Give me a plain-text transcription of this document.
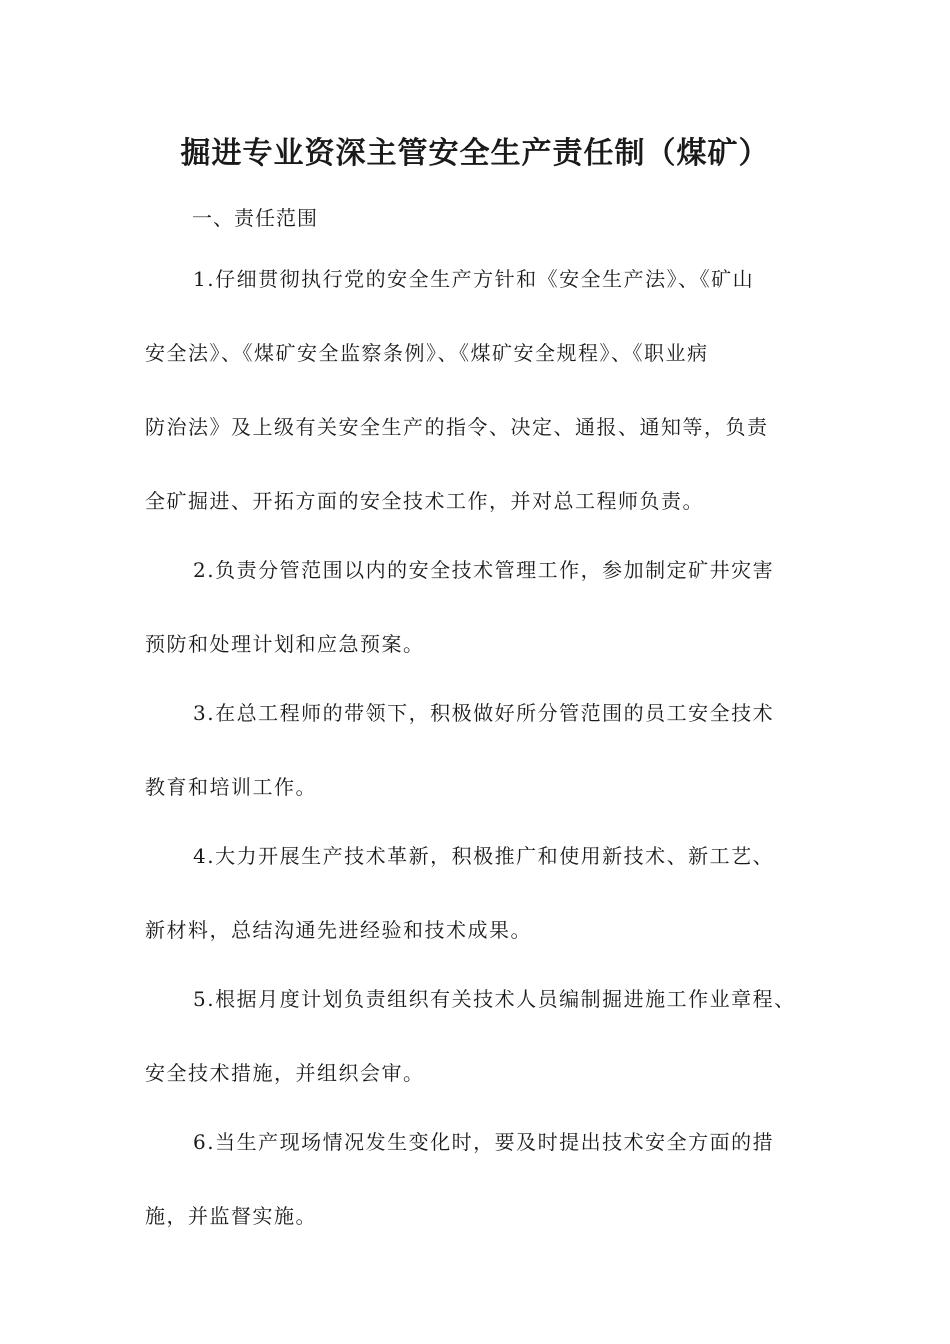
掘进专业资深主管安全生产责任制（煤矿）

一、责任范围

1.仔细贯彻执行党的安全生产方针和《安全生产法》、《矿山
安全法》、《煤矿安全监察条例》、《煤矿安全规程》、《职业病
防治法》及上级有关安全生产的指令、决定、通报、通知等，负责
全矿掘进、开拓方面的安全技术工作，并对总工程师负责。
2.负责分管范围以内的安全技术管理工作，参加制定矿井灾害
预防和处理计划和应急预案。
3.在总工程师的带领下，积极做好所分管范围的员工安全技术
教育和培训工作。
4.大力开展生产技术革新，积极推广和使用新技术、新工艺、
新材料，总结沟通先进经验和技术成果。
5.根据月度计划负责组织有关技术人员编制掘进施工作业章程、
安全技术措施，并组织会审。
6.当生产现场情况发生变化时，要及时提出技术安全方面的措
施，并监督实施。
